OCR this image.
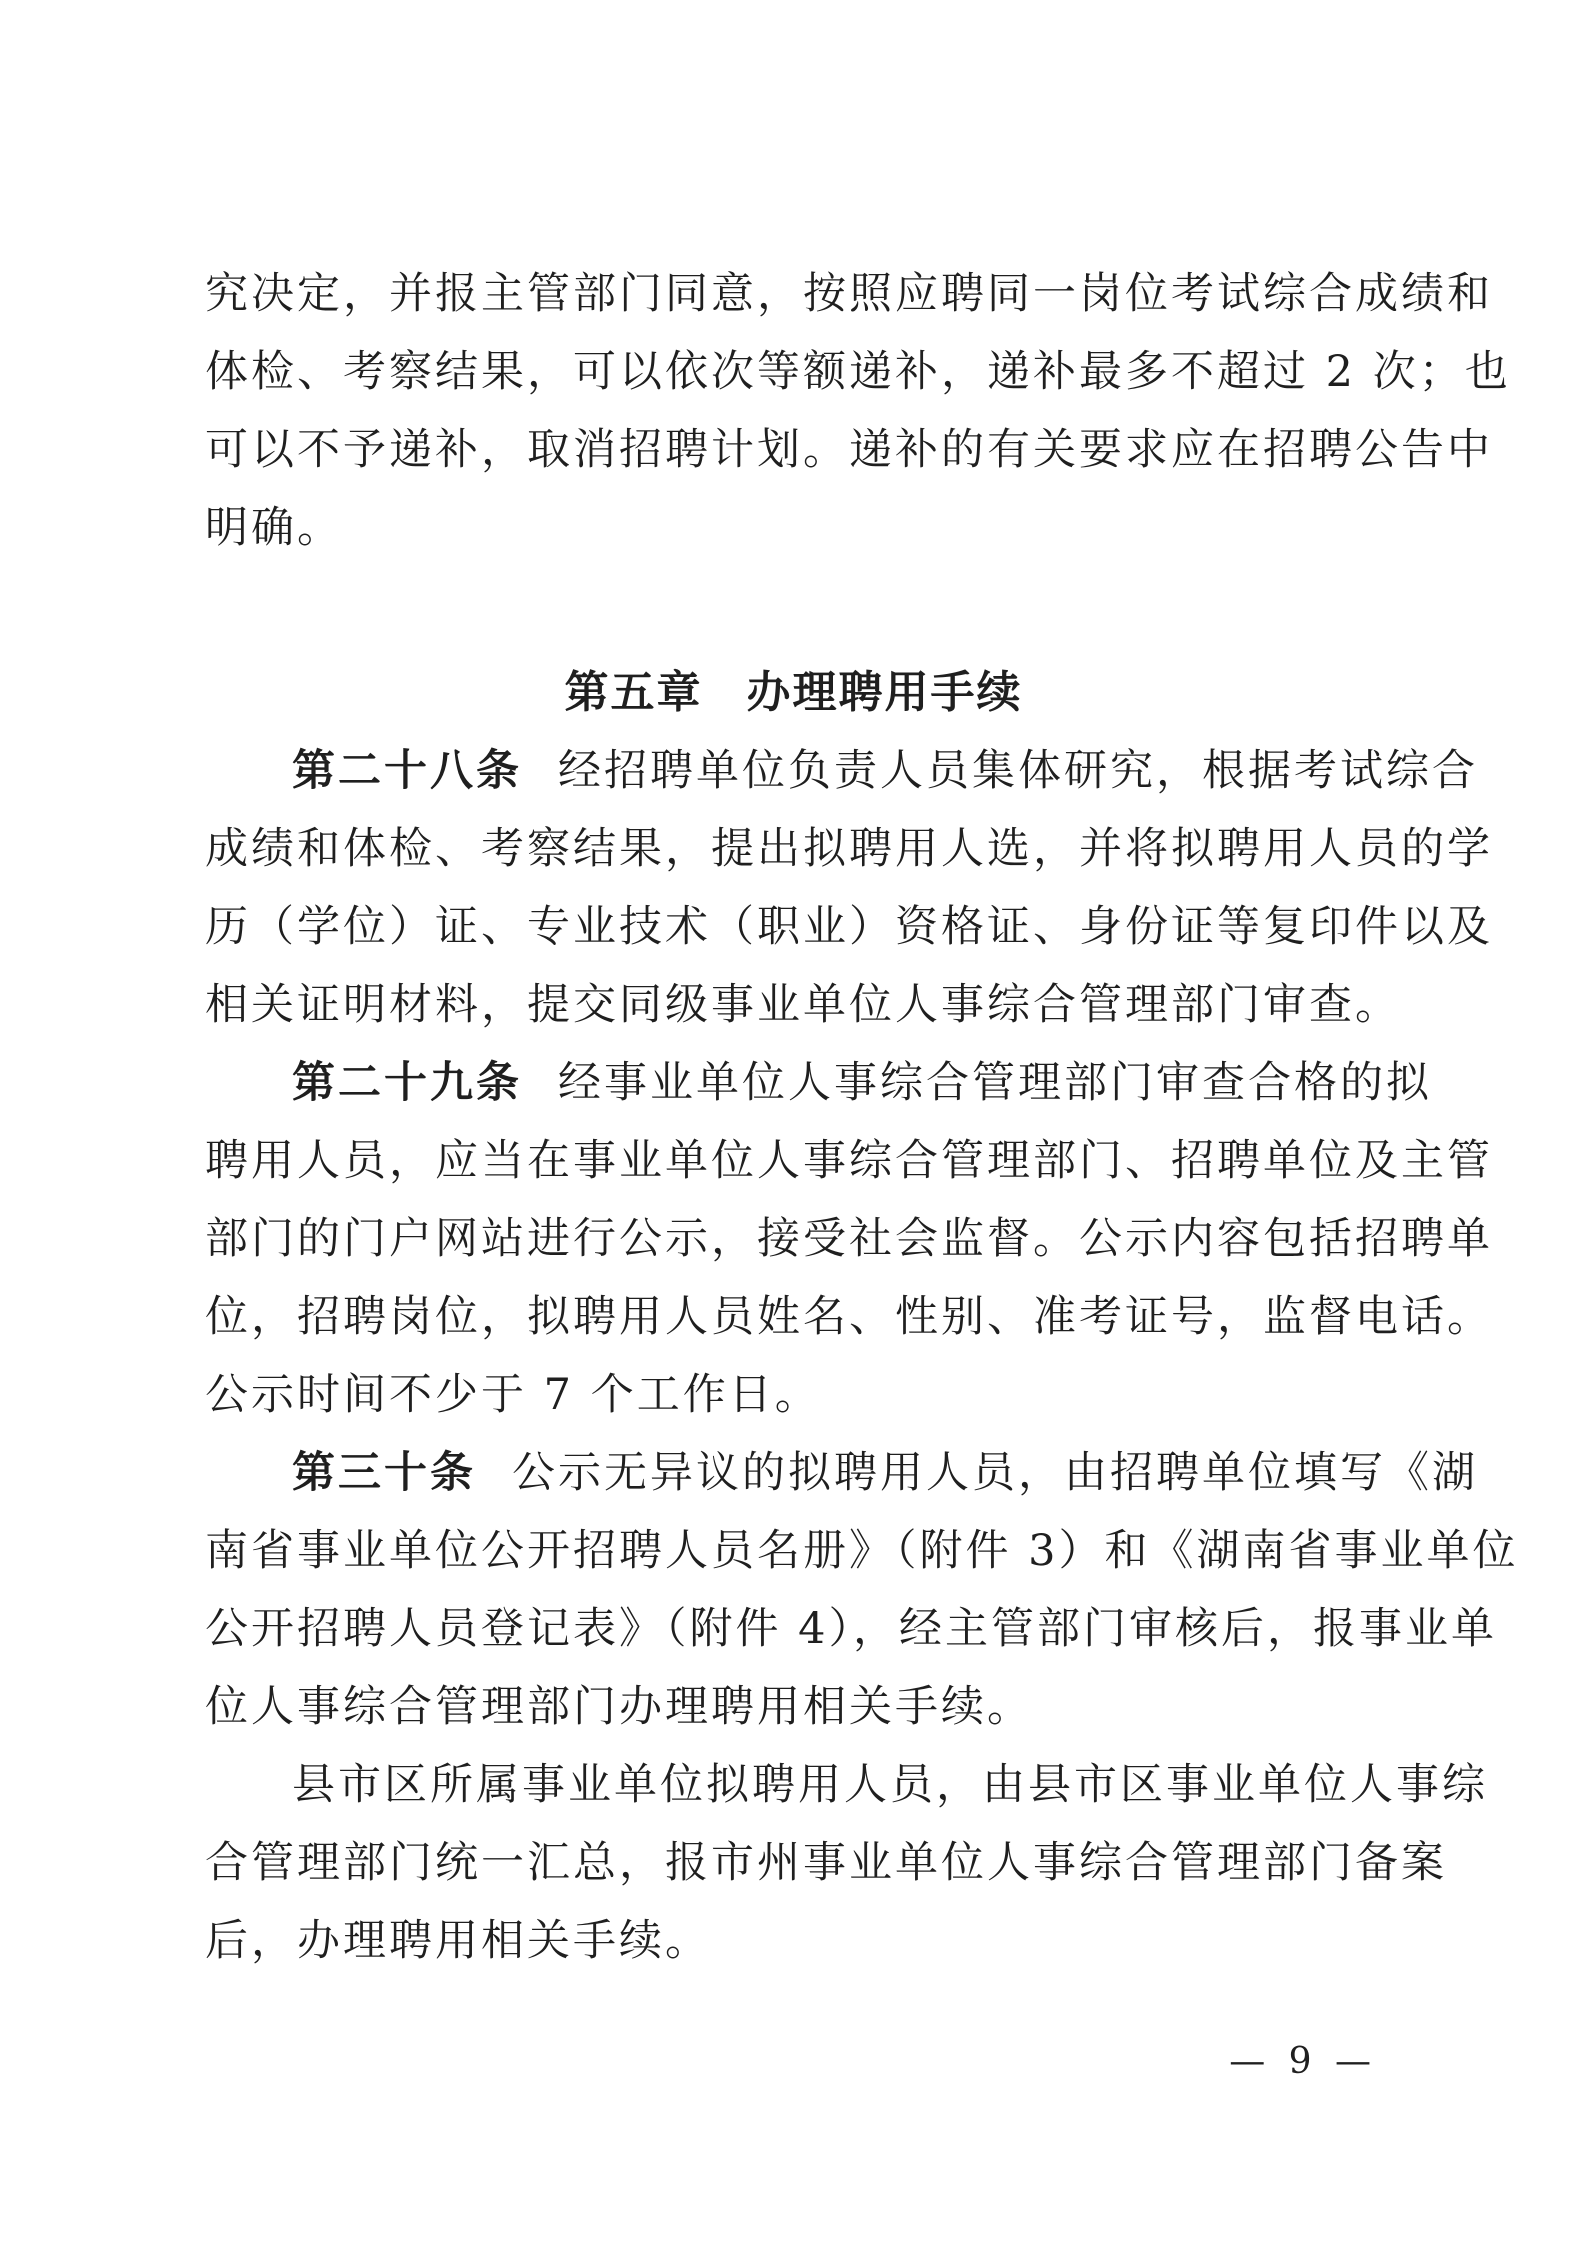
究决定，并报主管部门同意，按照应聘同一岗位考试综合成绩和
体检、考察结果，可以依次等额递补，递补最多不超过 2 次；也
可以不予递补，取消招聘计划。递补的有关要求应在招聘公告中
明确。
第五章 办理聘用手续
第二十八条 经招聘单位负责人员集体研究，根据考试综合
成绩和体检、考察结果，提出拟聘用人选，并将拟聘用人员的学
历（学位）证、专业技术（职业）资格证、身份证等复印件以及
相关证明材料，提交同级事业单位人事综合管理部门审查。
第二十九条 经事业单位人事综合管理部门审查合格的拟
聘用人员，应当在事业单位人事综合管理部门、招聘单位及主管
部门的门户网站进行公示，接受社会监督。公示内容包括招聘单
位，招聘岗位，拟聘用人员姓名、性别、准考证号，监督电话。
公示时间不少于 7 个工作日。
第三十条 公示无异议的拟聘用人员，由招聘单位填写《湖
南省事业单位公开招聘人员名册》（附件 3）和《湖南省事业单位
公开招聘人员登记表》（附件 4），经主管部门审核后，报事业单
位人事综合管理部门办理聘用相关手续。
县市区所属事业单位拟聘用人员，由县市区事业单位人事综
合管理部门统一汇总，报市州事业单位人事综合管理部门备案
后，办理聘用相关手续。
— 9 —
